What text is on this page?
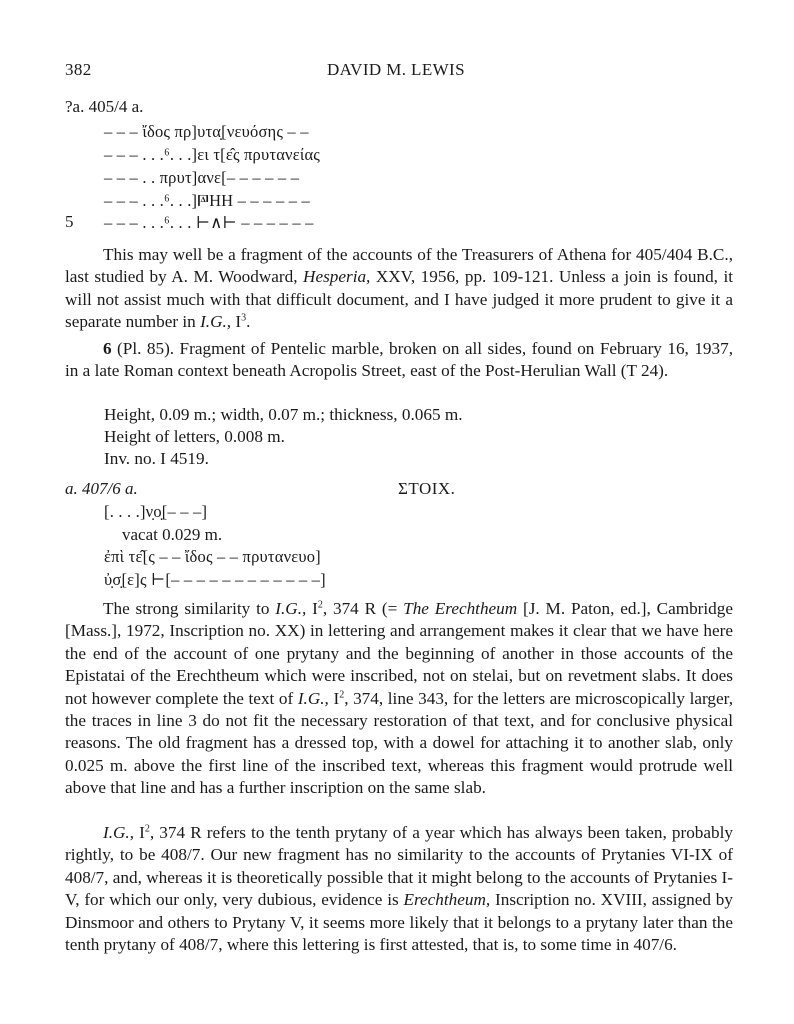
382	DAVID M. LEWIS
?a. 405/4 a.
– – – ἴδος πρ]υτα̣[νευόσης – –
– – – . . .⁶. . .]ει τ[ε̂ς πρυτανείας
– – – . . πρυτ]ανε[– – – – – –
– – – . . .⁶. . .]𐅄HH – – – – – –
5 – – – . . .⁶. . . ⊢∧⊢ – – – – – –

This may well be a fragment of the accounts of the Treasurers of Athena for 405/404 B.C., last studied by A. M. Woodward, Hesperia, XXV, 1956, pp. 109-121. Unless a join is found, it will not assist much with that difficult document, and I have judged it more prudent to give it a separate number in I.G., $I^3$.

6 (Pl. 85). Fragment of Pentelic marble, broken on all sides, found on February 16, 1937, in a late Roman context beneath Acropolis Street, east of the Post-Herulian Wall (T 24).

Height, 0.09 m.; width, 0.07 m.; thickness, 0.065 m.
Height of letters, 0.008 m.
Inv. no. I 4519.
a. 407/6 a.	ΣΤΟΙΧ.
[. . . .]ν̣ο̣[– – –]
vacat 0.029 m.
ἐπὶ τε̂[ς – – ἴδος – – πρυτανευο]
ὐ̣σ̣[ε]ς ⊢[– – – – – – – – – – – –]

The strong similarity to I.G., $I^2$, 374 R (= The Erechtheum [J. M. Paton, ed.], Cambridge [Mass.], 1972, Inscription no. XX) in lettering and arrangement makes it clear that we have here the end of the account of one prytany and the beginning of another in those accounts of the Epistatai of the Erechtheum which were inscribed, not on stelai, but on revetment slabs. It does not however complete the text of I.G., $I^2$, 374, line 343, for the letters are microscopically larger, the traces in line 3 do not fit the necessary restoration of that text, and for conclusive physical reasons. The old fragment has a dressed top, with a dowel for attaching it to another slab, only 0.025 m. above the first line of the inscribed text, whereas this fragment would protrude well above that line and has a further inscription on the same slab.

I.G., $I^2$, 374 R refers to the tenth prytany of a year which has always been taken, probably rightly, to be 408/7. Our new fragment has no similarity to the accounts of Prytanies VI-IX of 408/7, and, whereas it is theoretically possible that it might belong to the accounts of Prytanies I-V, for which our only, very dubious, evidence is Erechtheum, Inscription no. XVIII, assigned by Dinsmoor and others to Prytany V, it seems more likely that it belongs to a prytany later than the tenth prytany of 408/7, where this lettering is first attested, that is, to some time in 407/6.
